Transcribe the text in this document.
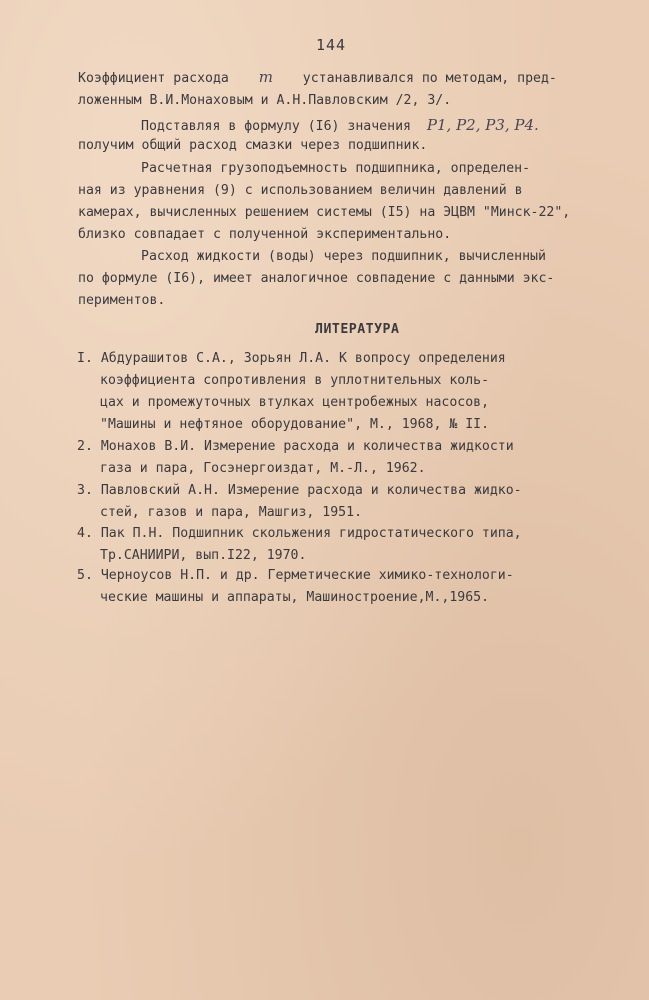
144
Коэффициент расхода m устанавливался по методам, пред-
ложенным В.И.Монаховым и А.Н.Павловским /2, 3/.
Подставляя в формулу (I6) значения P1, P2, P3, P4.
получим общий расход смазки через подшипник.
Расчетная грузоподъемность подшипника, определен-
ная из уравнения (9) с использованием величин давлений в
камерах, вычисленных решением системы (I5) на ЭЦВМ "Минск-22",
близко совпадает с полученной экспериментально.
Расход жидкости (воды) через подшипник, вычисленный
по формуле (I6), имеет аналогичное совпадение с данными экс-
периментов.
ЛИТЕРАТУРА
I. Абдурашитов С.А., Зорьян Л.А. К вопросу определения
коэффициента сопротивления в уплотнительных коль-
цах и промежуточных втулках центробежных насосов,
"Машины и нефтяное оборудование", М., 1968, № II.
2. Монахов В.И. Измерение расхода и количества жидкости
газа и пара, Госэнергоиздат, М.-Л., 1962.
3. Павловский А.Н. Измерение расхода и количества жидко-
стей, газов и пара, Машгиз, 1951.
4. Пак П.Н. Подшипник скольжения гидростатического типа,
Тр.САНИИРИ, вып.I22, 1970.
5. Черноусов Н.П. и др. Герметические химико-технологи-
ческие машины и аппараты, Машиностроение,М.,1965.
